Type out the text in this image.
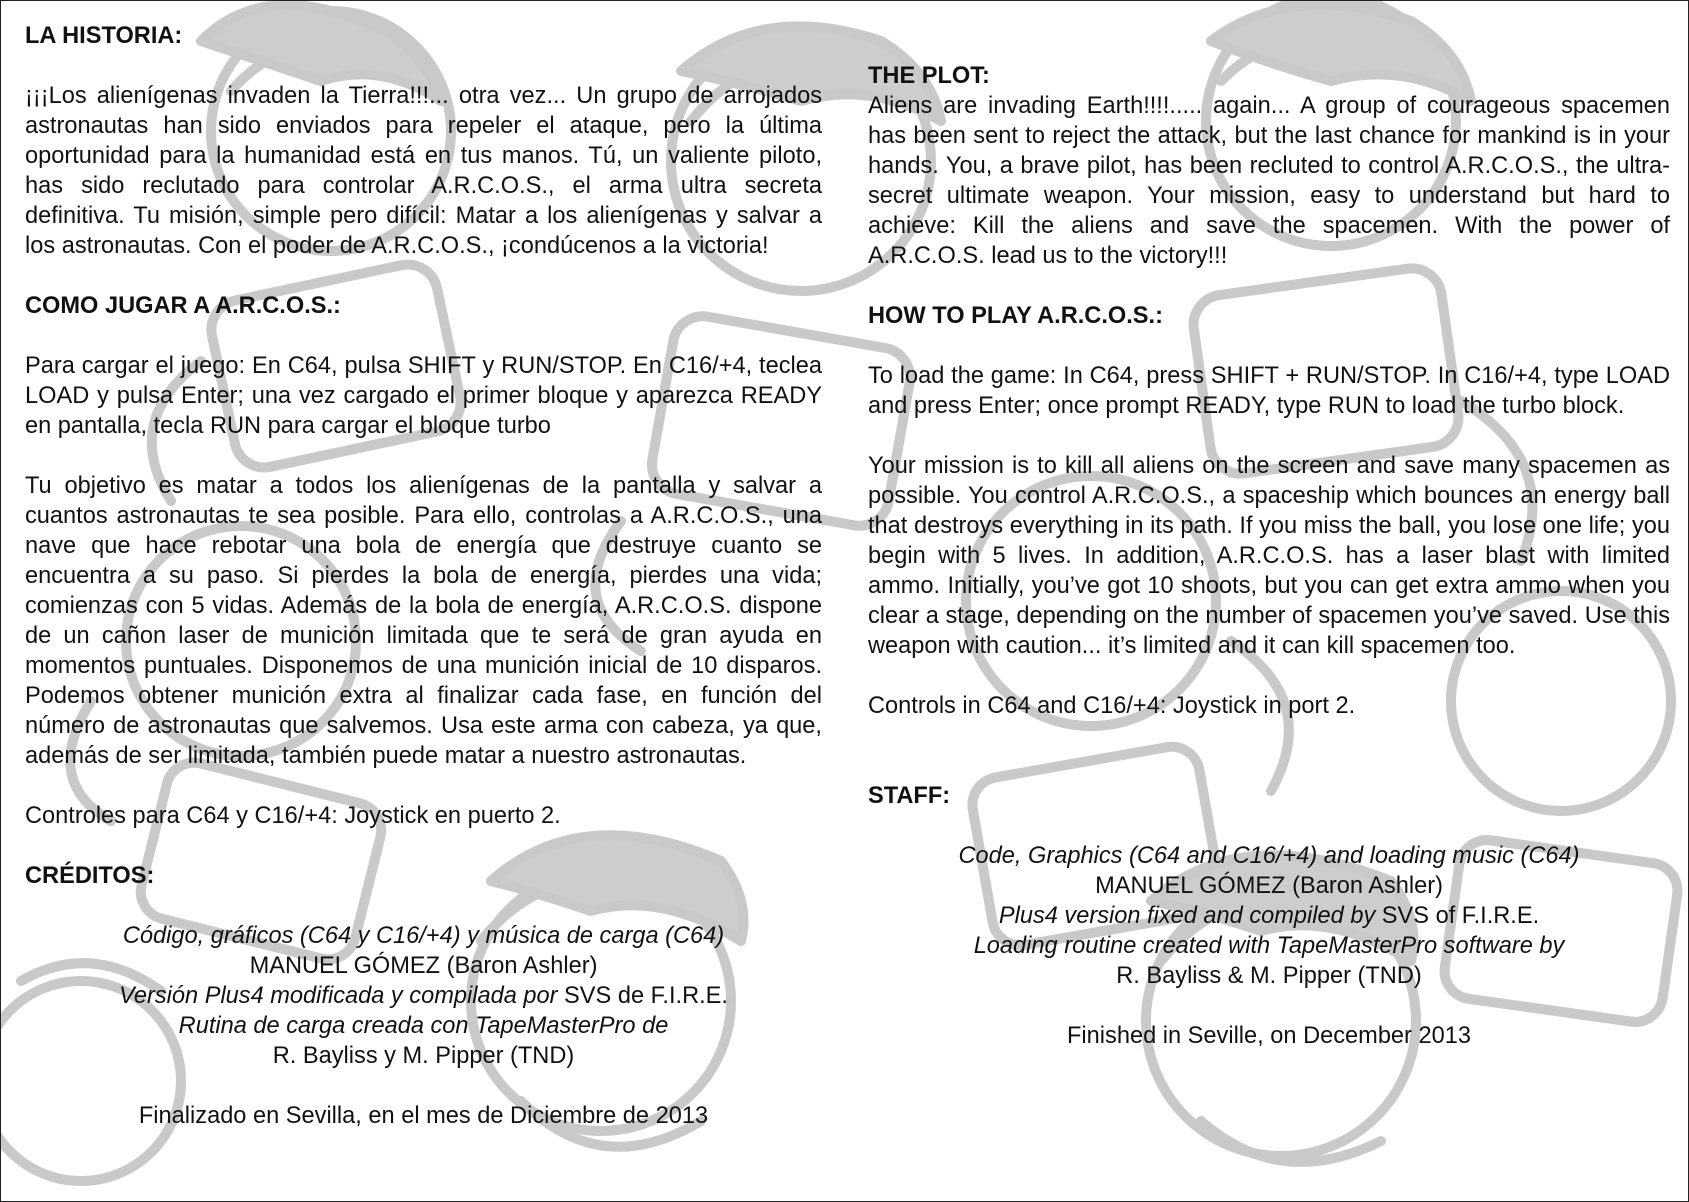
LA HISTORIA:

¡¡¡Los alienígenas invaden la Tierra!!!... otra vez... Un grupo de arrojados astronautas han sido enviados para repeler el ataque, pero la última oportunidad para la humanidad está en tus manos. Tú, un valiente piloto, has sido reclutado para controlar A.R.C.O.S., el arma ultra secreta definitiva. Tu misión, simple pero difícil: Matar a los alienígenas y salvar a los astronautas. Con el poder de A.R.C.O.S., ¡condúcenos a la victoria!

COMO JUGAR A A.R.C.O.S.:

Para cargar el juego: En C64, pulsa SHIFT y RUN/STOP. En C16/+4, teclea LOAD y pulsa Enter; una vez cargado el primer bloque y aparezca READY en pantalla, tecla RUN para cargar el bloque turbo

Tu objetivo es matar a todos los alienígenas de la pantalla y salvar a cuantos astronautas te sea posible. Para ello, controlas a A.R.C.O.S., una nave que hace rebotar una bola de energía que destruye cuanto se encuentra a su paso. Si pierdes la bola de energía, pierdes una vida; comienzas con 5 vidas. Además de la bola de energía, A.R.C.O.S. dispone de un cañon laser de munición limitada que te será de gran ayuda en momentos puntuales. Disponemos de una munición inicial de 10 disparos. Podemos obtener munición extra al finalizar cada fase, en función del número de astronautas que salvemos. Usa este arma con cabeza, ya que, además de ser limitada, también puede matar a nuestro astronautas.

Controles para C64 y C16/+4: Joystick en puerto 2.

CRÉDITOS:
Código, gráficos (C64 y C16/+4) y música de carga (C64)
MANUEL GÓMEZ (Baron Ashler)
Versión Plus4 modificada y compilada por SVS de F.I.R.E.
Rutina de carga creada con TapeMasterPro de
R. Bayliss y M. Pipper (TND)
Finalizado en Sevilla, en el mes de Diciembre de 2013
THE PLOT:

Aliens are invading Earth!!!!..... again... A group of courageous spacemen has been sent to reject the attack, but the last chance for mankind is in your hands. You, a brave pilot, has been recluted to control A.R.C.O.S., the ultra-secret ultimate weapon. Your mission, easy to understand but hard to achieve: Kill the aliens and save the spacemen. With the power of A.R.C.O.S. lead us to the victory!!!

HOW TO PLAY A.R.C.O.S.:

To load the game: In C64, press SHIFT + RUN/STOP. In C16/+4, type LOAD and press Enter; once prompt READY, type RUN to load the turbo block.

Your mission is to kill all aliens on the screen and save many spacemen as possible. You control A.R.C.O.S., a spaceship which bounces an energy ball that destroys everything in its path. If you miss the ball, you lose one life; you begin with 5 lives. In addition, A.R.C.O.S. has a laser blast with limited ammo. Initially, you’ve got 10 shoots, but you can get extra ammo when you clear a stage, depending on the number of spacemen you’ve saved. Use this weapon with caution... it’s limited and it can kill spacemen too.

Controls in C64 and C16/+4: Joystick in port 2.

STAFF:
Code, Graphics (C64 and C16/+4) and loading music (C64)
MANUEL GÓMEZ (Baron Ashler)
Plus4 version fixed and compiled by SVS of F.I.R.E.
Loading routine created with TapeMasterPro software by
R. Bayliss & M. Pipper (TND)
Finished in Seville, on December 2013
